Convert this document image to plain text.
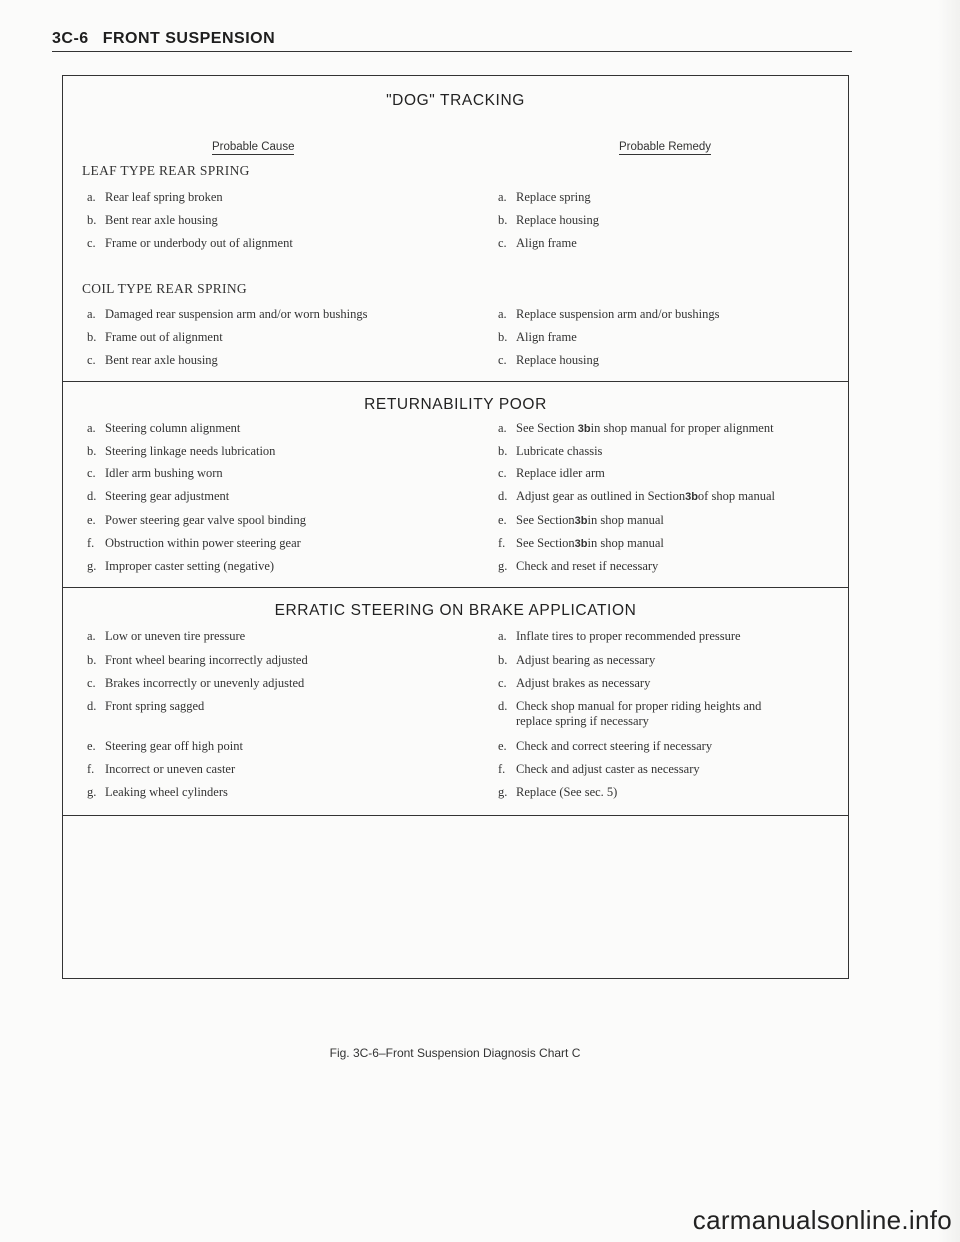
3C-6 FRONT SUSPENSION
"DOG" TRACKING
Probable Cause	Probable Remedy
LEAF TYPE REAR SPRING
a. Rear leaf spring broken	a. Replace spring
b. Bent rear axle housing	b. Replace housing
c. Frame or underbody out of alignment	c. Align frame
COIL TYPE REAR SPRING
a. Damaged rear suspension arm and/or worn bushings	a. Replace suspension arm and/or bushings
b. Frame out of alignment	b. Align frame
c. Bent rear axle housing	c. Replace housing
RETURNABILITY POOR
a. Steering column alignment	a. See Section 3bin shop manual for proper alignment
b. Steering linkage needs lubrication	b. Lubricate chassis
c. Idler arm bushing worn	c. Replace idler arm
d. Steering gear adjustment	d. Adjust gear as outlined in Section3bof shop manual
e. Power steering gear valve spool binding	e. See Section3bin shop manual
f. Obstruction within power steering gear	f. See Section3bin shop manual
g. Improper caster setting (negative)	g. Check and reset if necessary
ERRATIC STEERING ON BRAKE APPLICATION
a. Low or uneven tire pressure	a. Inflate tires to proper recommended pressure
b. Front wheel bearing incorrectly adjusted	b. Adjust bearing as necessary
c. Brakes incorrectly or unevenly adjusted	c. Adjust brakes as necessary
d. Front spring sagged	d. Check shop manual for proper riding heights and
replace spring if necessary
e. Steering gear off high point	e. Check and correct steering if necessary
f. Incorrect or uneven caster	f. Check and adjust caster as necessary
g. Leaking wheel cylinders	g. Replace (See sec. 5)
Fig. 3C-6–Front Suspension Diagnosis Chart C
carmanualsonline.info
